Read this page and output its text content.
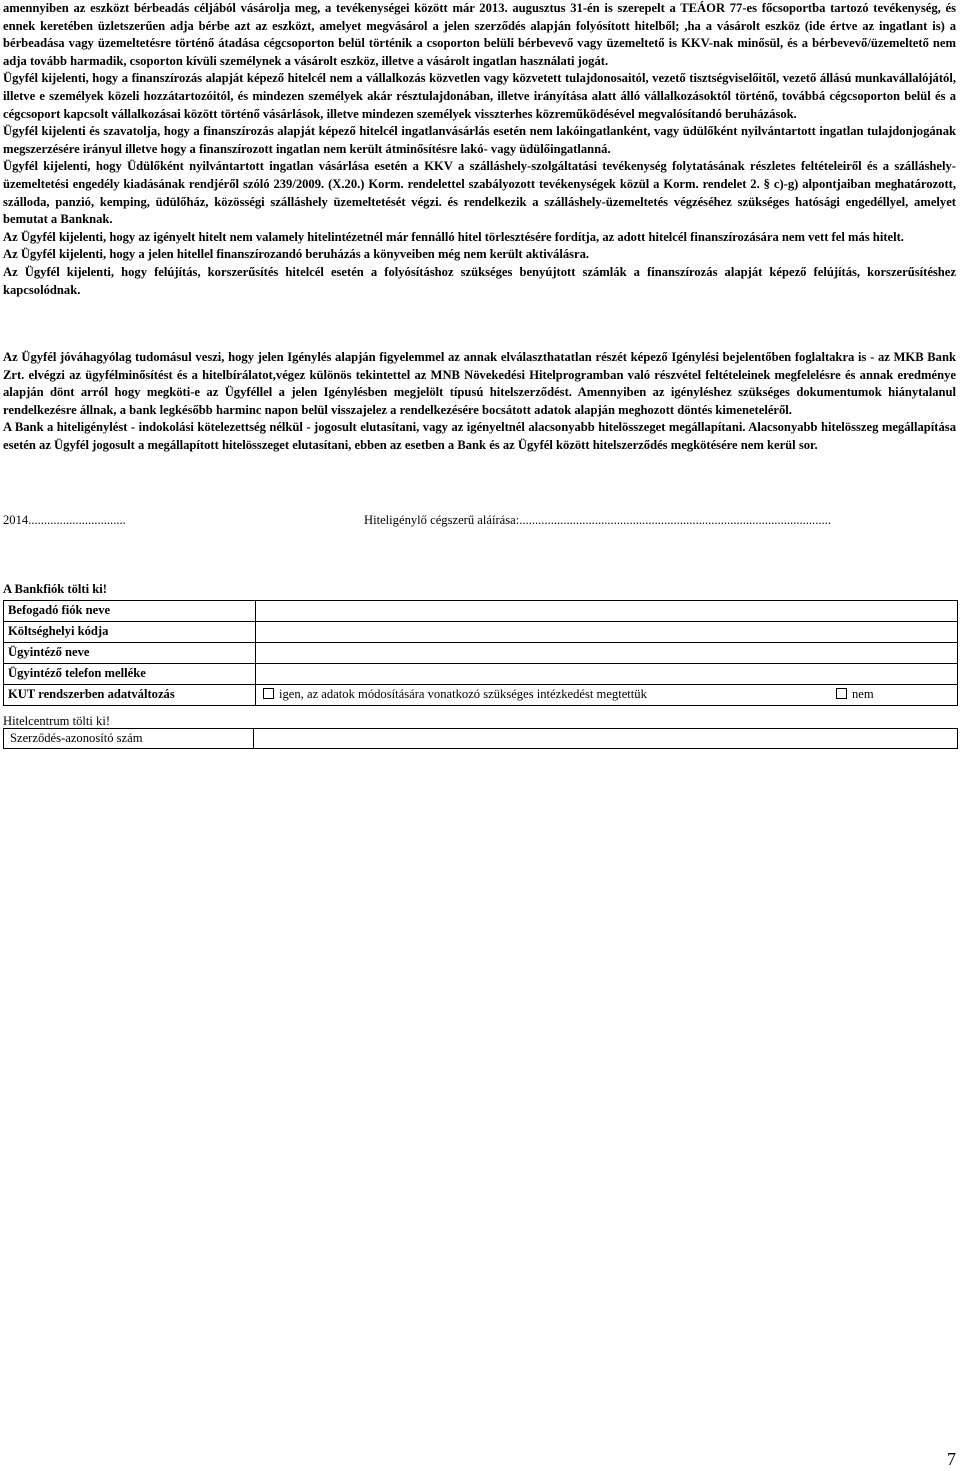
amennyiben az eszközt bérbeadás céljából vásárolja meg, a tevékenységei között már 2013. augusztus 31-én is szerepelt a TEÁOR 77-es főcsoportba tartozó tevékenység, és ennek keretében üzletszerűen adja bérbe azt az eszközt, amelyet megvásárol a jelen szerződés alapján folyósított hitelből; ,ha a vásárolt eszköz (ide értve az ingatlant is) a bérbeadása vagy üzemeltetésre történő átadása cégcsoporton belül történik a csoporton belüli bérbevevő vagy üzemeltető is KKV-nak minősül, és a bérbevevő/üzemeltető nem adja tovább harmadik, csoporton kívüli személynek a vásárolt eszköz, illetve a vásárolt ingatlan használati jogát.

Ügyfél kijelenti, hogy a finanszírozás alapját képező hitelcél nem a vállalkozás közvetlen vagy közvetett tulajdonosaitól, vezető tisztségviselőitől, vezető állású munkavállalójától, illetve e személyek közeli hozzátartozóitól, és mindezen személyek akár résztulajdonában, illetve irányítása alatt álló vállalkozásoktól történő, továbbá cégcsoporton belül és a cégcsoport kapcsolt vállalkozásai között történő vásárlások, illetve mindezen személyek visszterhes közreműködésével megvalósítandó beruházások.

Ügyfél kijelenti és szavatolja, hogy a finanszírozás alapját képező hitelcél ingatlanvásárlás esetén nem lakóingatlanként, vagy üdülőként nyilvántartott ingatlan tulajdonjogának megszerzésére irányul illetve hogy a finanszírozott ingatlan nem került átminősítésre lakó- vagy üdülőingatlanná.

Ügyfél kijelenti, hogy Üdülőként nyilvántartott ingatlan vásárlása esetén a KKV a szálláshely-szolgáltatási tevékenység folytatásának részletes feltételeiről és a szálláshely-üzemeltetési engedély kiadásának rendjéről szóló 239/2009. (X.20.) Korm. rendelettel szabályozott tevékenységek közül a Korm. rendelet 2. § c)-g) alpontjaiban meghatározott, szálloda, panzió, kemping, üdülőház, közösségi szálláshely üzemeltetését végzi. és rendelkezik a szálláshely-üzemeltetés végzéséhez szükséges hatósági engedéllyel, amelyet bemutat a Banknak.

Az Ügyfél kijelenti, hogy az igényelt hitelt nem valamely hitelintézetnél már fennálló hitel törlesztésére fordítja, az adott hitelcél finanszírozására nem vett fel más hitelt.

Az Ügyfél kijelenti, hogy a jelen hitellel finanszírozandó beruházás a könyveiben még nem került aktiválásra.

Az Ügyfél kijelenti, hogy felújítás, korszerűsítés hitelcél esetén a folyósításhoz szükséges benyújtott számlák a finanszírozás alapját képező felújítás, korszerűsítéshez kapcsolódnak.

Az Ügyfél jóváhagyólag tudomásul veszi, hogy jelen Igénylés alapján figyelemmel az annak elválaszthatatlan részét képező Igénylési bejelentőben foglaltakra is - az MKB Bank Zrt. elvégzi az ügyfélminősítést és a hitelbírálatot,végez különös tekintettel az MNB Növekedési Hitelprogramban való részvétel feltételeinek megfelelésre és annak eredménye alapján dönt arról hogy megköti-e az Ügyféllel a jelen Igénylésben megjelölt típusú hitelszerződést. Amennyiben az igényléshez szükséges dokumentumok hiánytalanul rendelkezésre állnak, a bank legkésőbb harminc napon belül visszajelez a rendelkezésére bocsátott adatok alapján meghozott döntés kimeneteléről.

A Bank a hiteligénylést - indokolási kötelezettség nélkül - jogosult elutasítani, vagy az igényeltnél alacsonyabb hitelösszeget megállapítani. Alacsonyabb hitelösszeg megállapítása esetén az Ügyfél jogosult a megállapított hitelösszeget elutasítani, ebben az esetben a Bank és az Ügyfél között hitelszerződés megkötésére nem kerül sor.

2014...............................	Hiteligénylő cégszerű aláírása:...................................................................................................

A Bankfiók tölti ki!

Befogadó fiók neve	
Költséghelyi kódja	
Ügyintéző neve	
Ügyintéző telefon melléke	
KUT rendszerben adatváltozás	igen, az adatok módosítására vonatkozó szükséges intézkedést megtettük nem

Hitelcentrum tölti ki!

Szerződés-azonosító szám	
7
